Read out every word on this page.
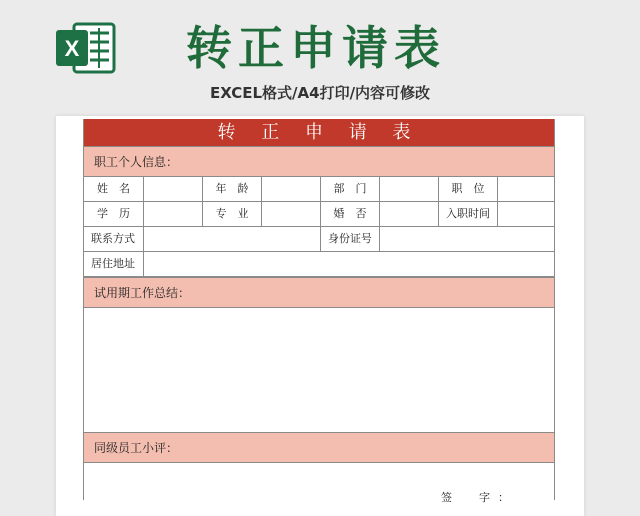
X 转正申请表
EXCEL格式/A4打印/内容可修改
转 正 申 请 表
职工个人信息：
姓　名	年　龄	部　门	职　位
学　历	专　业	婚　否	入职时间
联系方式	身份证号
居住地址
试用期工作总结：
同级员工小评：
签　字：
